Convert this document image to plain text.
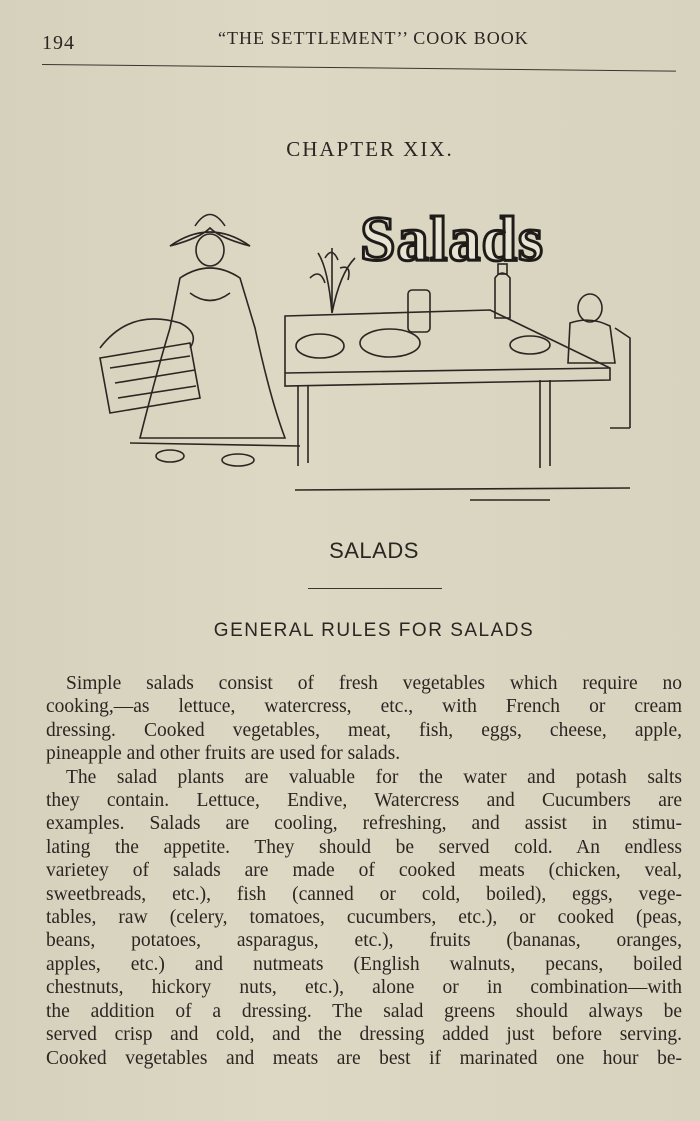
194	“THE SETTLEMENT’’ COOK BOOK
CHAPTER XIX.
Salads
SALADS
GENERAL RULES FOR SALADS
Simple salads consist of fresh vegetables which require no
cooking,—as lettuce, watercress, etc., with French or cream
dressing. Cooked vegetables, meat, fish, eggs, cheese, apple,
pineapple and other fruits are used for salads.
The salad plants are valuable for the water and potash salts
they contain. Lettuce, Endive, Watercress and Cucumbers are
examples. Salads are cooling, refreshing, and assist in stimu-
lating the appetite. They should be served cold. An endless
varietey of salads are made of cooked meats (chicken, veal,
sweetbreads, etc.), fish (canned or cold, boiled), eggs, vege-
tables, raw (celery, tomatoes, cucumbers, etc.), or cooked (peas,
beans, potatoes, asparagus, etc.), fruits (bananas, oranges,
apples, etc.) and nutmeats (English walnuts, pecans, boiled
chestnuts, hickory nuts, etc.), alone or in combination—with
the addition of a dressing. The salad greens should always be
served crisp and cold, and the dressing added just before serving.
Cooked vegetables and meats are best if marinated one hour be-
